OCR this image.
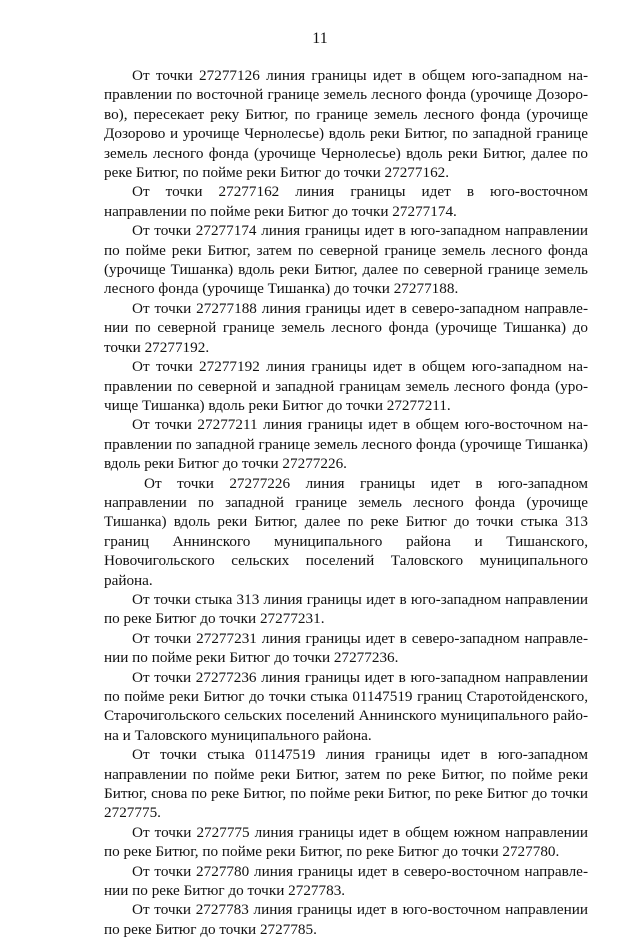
11

От точки 27277126 линия границы идет в общем юго-западном направлении по восточной границе земель лесного фонда (урочище Дозорово), пересекает реку Битюг, по границе земель лесного фонда (урочище Дозорово и урочище Чернолесье) вдоль реки Битюг, по западной границе земель лесного фонда (урочище Чернолесье) вдоль реки Битюг, далее по реке Битюг, по пойме реки Битюг до точки 27277162.

От точки 27277162 линия границы идет в юго-восточном направлении по пойме реки Битюг до точки 27277174.

От точки 27277174 линия границы идет в юго-западном направлении по пойме реки Битюг, затем по северной границе земель лесного фонда (урочище Тишанка) вдоль реки Битюг, далее по северной границе земель лесного фонда (урочище Тишанка) до точки 27277188.

От точки 27277188 линия границы идет в северо-западном направлении по северной границе земель лесного фонда (урочище Тишанка) до точки 27277192.

От точки 27277192 линия границы идет в общем юго-западном направлении по северной и западной границам земель лесного фонда (урочище Тишанка) вдоль реки Битюг до точки 27277211.

От точки 27277211 линия границы идет в общем юго-восточном направлении по западной границе земель лесного фонда (урочище Тишанка) вдоль реки Битюг до точки 27277226.

От точки 27277226 линия границы идет в юго-западном направлении по западной границе земель лесного фонда (урочище Тишанка) вдоль реки Битюг, далее по реке Битюг до точки стыка 313 границ Аннинского муниципального района и Тишанского, Новочигольского сельских поселений Таловского муниципального района.

От точки стыка 313 линия границы идет в юго-западном направлении по реке Битюг до точки 27277231.

От точки 27277231 линия границы идет в северо-западном направлении по пойме реки Битюг до точки 27277236.

От точки 27277236 линия границы идет в юго-западном направлении по пойме реки Битюг до точки стыка 01147519 границ Старотойденского, Старочигольского сельских поселений Аннинского муниципального района и Таловского муниципального района.

От точки стыка 01147519 линия границы идет в юго-западном направлении по пойме реки Битюг, затем по реке Битюг, по пойме реки Битюг, снова по реке Битюг, по пойме реки Битюг, по реке Битюг до точки 2727775.

От точки 2727775 линия границы идет в общем южном направлении по реке Битюг, по пойме реки Битюг, по реке Битюг до точки 2727780.

От точки 2727780 линия границы идет в северо-восточном направлении по реке Битюг до точки 2727783.

От точки 2727783 линия границы идет в юго-восточном направлении по реке Битюг до точки 2727785.
